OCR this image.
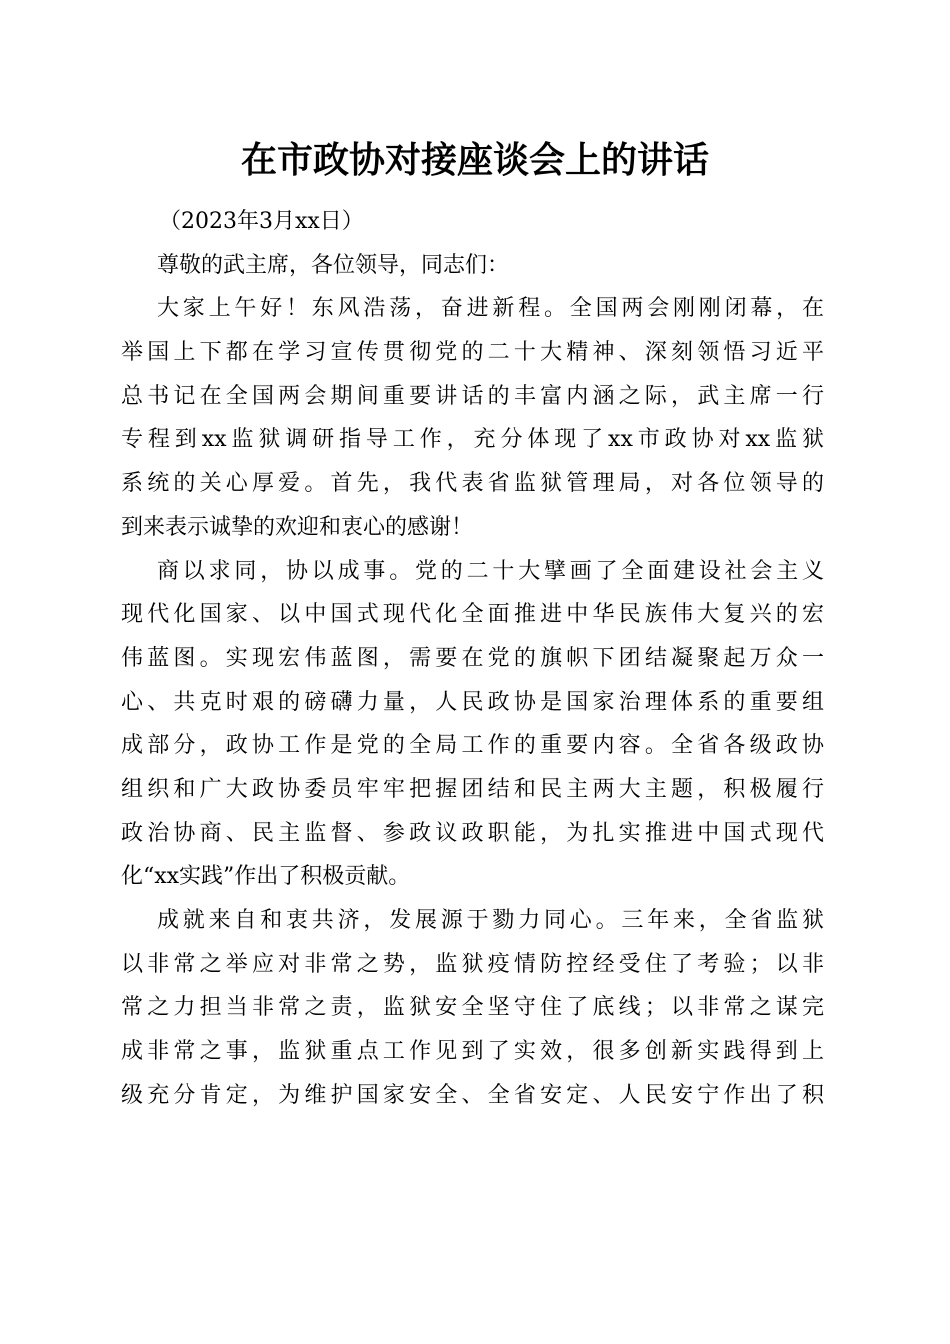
在市政协对接座谈会上的讲话
（2023年3月xx日）
尊敬的武主席，各位领导，同志们：
大家上午好！东风浩荡，奋进新程。全国两会刚刚闭幕，在
举国上下都在学习宣传贯彻党的二十大精神、深刻领悟习近平
总书记在全国两会期间重要讲话的丰富内涵之际，武主席一行
专程到xx监狱调研指导工作，充分体现了xx市政协对xx监狱
系统的关心厚爱。首先，我代表省监狱管理局，对各位领导的
到来表示诚挚的欢迎和衷心的感谢！
商以求同，协以成事。党的二十大擘画了全面建设社会主义
现代化国家、以中国式现代化全面推进中华民族伟大复兴的宏
伟蓝图。实现宏伟蓝图，需要在党的旗帜下团结凝聚起万众一
心、共克时艰的磅礴力量，人民政协是国家治理体系的重要组
成部分，政协工作是党的全局工作的重要内容。全省各级政协
组织和广大政协委员牢牢把握团结和民主两大主题，积极履行
政治协商、民主监督、参政议政职能，为扎实推进中国式现代
化“xx实践”作出了积极贡献。
成就来自和衷共济，发展源于勠力同心。三年来，全省监狱
以非常之举应对非常之势，监狱疫情防控经受住了考验；以非
常之力担当非常之责，监狱安全坚守住了底线；以非常之谋完
成非常之事，监狱重点工作见到了实效，很多创新实践得到上
级充分肯定，为维护国家安全、全省安定、人民安宁作出了积
